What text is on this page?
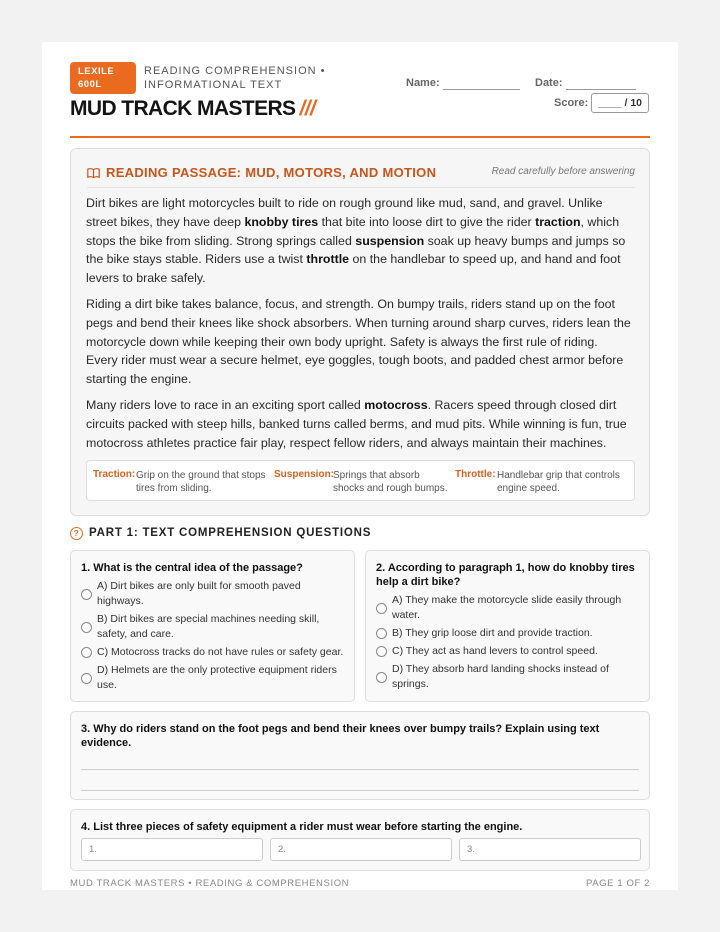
LEXILE
600L
READING COMPREHENSION •
INFORMATIONAL TEXT
MUD TRACK MASTERS ///
Name:	Date:
Score: ____ / 10
READING PASSAGE: MUD, MOTORS, AND MOTION	Read carefully before answering

Dirt bikes are light motorcycles built to ride on rough ground like mud, sand, and gravel. Unlike street bikes, they have deep knobby tires that bite into loose dirt to give the rider traction, which stops the bike from sliding. Strong springs called suspension soak up heavy bumps and jumps so the bike stays stable. Riders use a twist throttle on the handlebar to speed up, and hand and foot levers to brake safely.

Riding a dirt bike takes balance, focus, and strength. On bumpy trails, riders stand up on the foot pegs and bend their knees like shock absorbers. When turning around sharp curves, riders lean the motorcycle down while keeping their own body upright. Safety is always the first rule of riding. Every rider must wear a secure helmet, eye goggles, tough boots, and padded chest armor before starting the engine.

Many riders love to race in an exciting sport called motocross. Racers speed through closed dirt circuits packed with steep hills, banked turns called berms, and mud pits. While winning is fun, true motocross athletes practice fair play, respect fellow riders, and always maintain their machines.

Traction: Grip on the ground that stops
tires from sliding.
Suspension:
Springs that absorb
shocks and rough bumps.
Throttle: Handlebar grip that controls
engine speed.
? PART 1: TEXT COMPREHENSION QUESTIONS
1. What is the central idea of the passage?
A) Dirt bikes are only built for smooth paved highways.
B) Dirt bikes are special machines needing skill, safety, and care.
C) Motocross tracks do not have rules or safety gear.
D) Helmets are the only protective equipment riders use.
2. According to paragraph 1, how do knobby tires help a dirt bike?
A) They make the motorcycle slide easily through water.
B) They grip loose dirt and provide traction.
C) They act as hand levers to control speed.
D) They absorb hard landing shocks instead of springs.
3. Why do riders stand on the foot pegs and bend their knees over bumpy trails? Explain using text evidence.
4. List three pieces of safety equipment a rider must wear before starting the engine.
1.	2.	3.
MUD TRACK MASTERS • READING & COMPREHENSION	PAGE 1 OF 2
